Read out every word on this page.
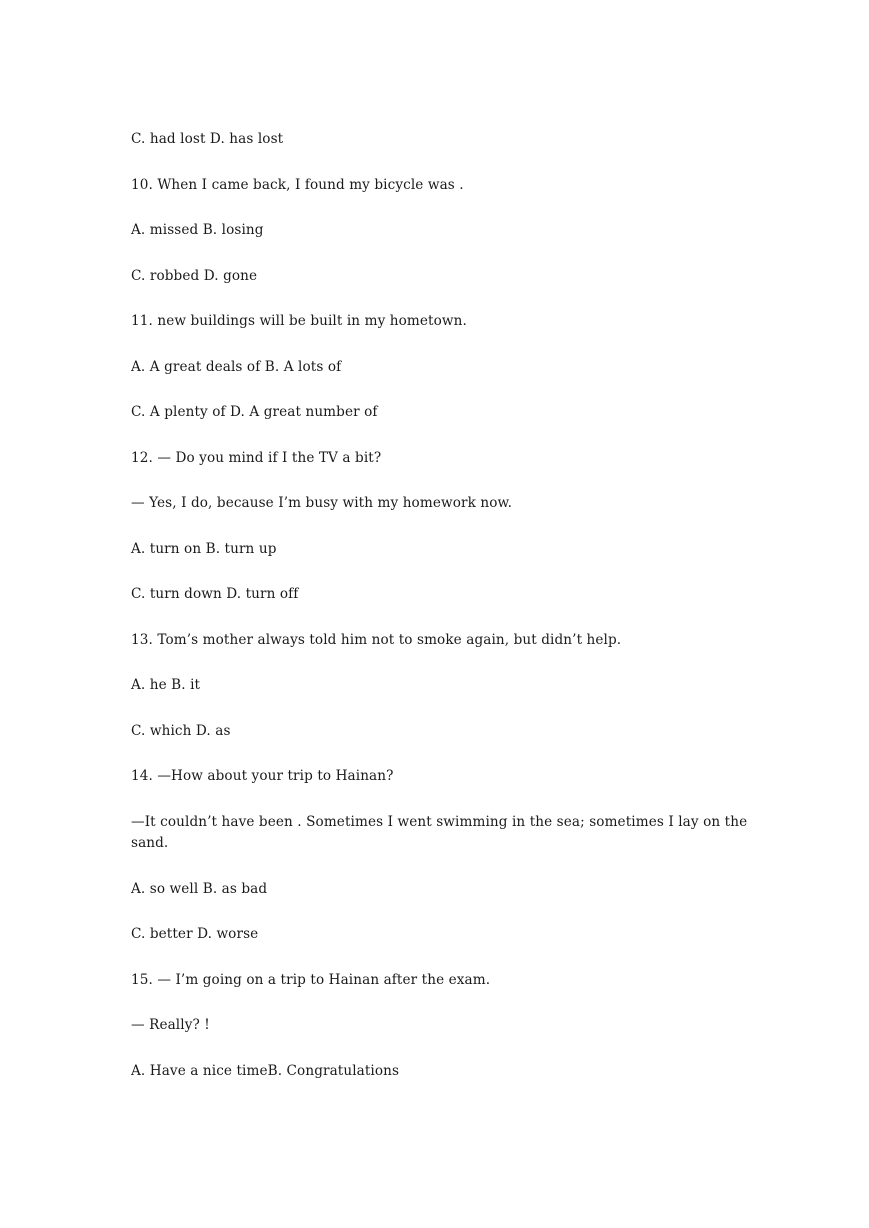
C. had lost D. has lost

10. When I came back, I found my bicycle was .

A. missed B. losing

C. robbed D. gone

11. new buildings will be built in my hometown.

A. A great deals of B. A lots of

C. A plenty of D. A great number of

12. — Do you mind if I the TV a bit?

— Yes, I do, because I’m busy with my homework now.

A. turn on B. turn up

C. turn down D. turn off

13. Tom’s mother always told him not to smoke again, but didn’t help.

A. he B. it

C. which D. as

14. —How about your trip to Hainan?

—It couldn’t have been . Sometimes I went swimming in the sea; sometimes I lay on the sand.

A. so well B. as bad

C. better D. worse

15. — I’m going on a trip to Hainan after the exam.

— Really? !

A. Have a nice timeB. Congratulations
